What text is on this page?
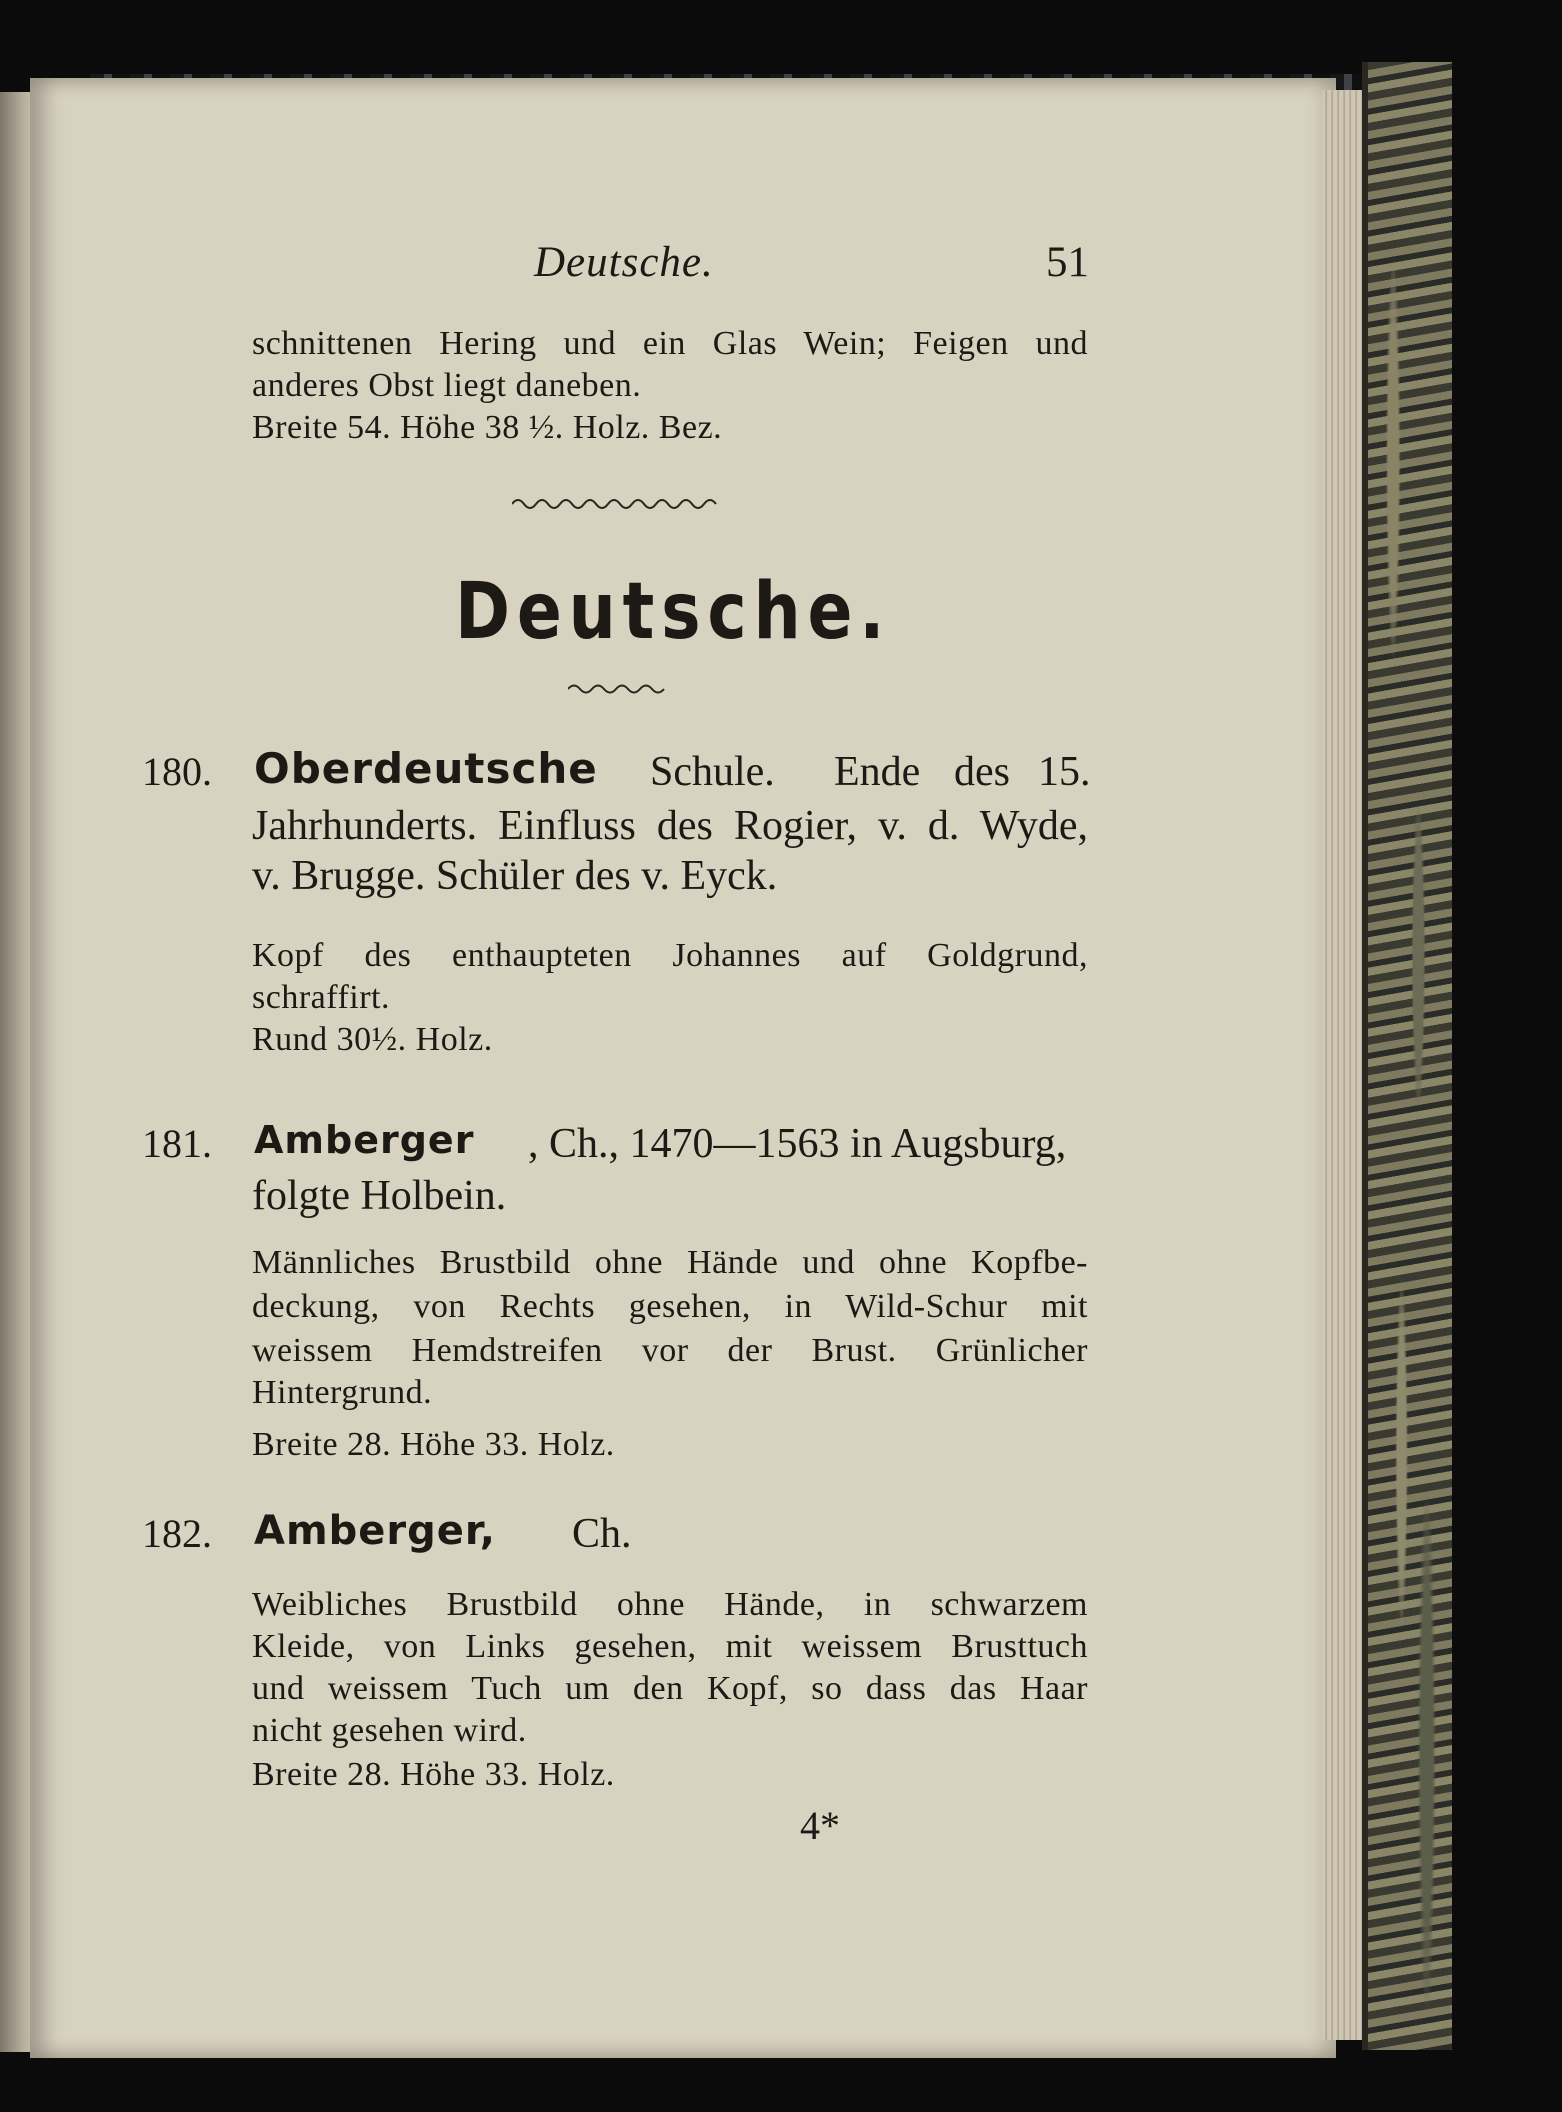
Deutsche.	51

schnittenen Hering und ein Glas Wein; Feigen und

anderes Obst liegt daneben.

Breite 54. Höhe 38 ½. Holz. Bez.

Deutsche.

180. Oberdeutsche Schule. Ende des 15.

Jahrhunderts. Einfluss des Rogier, v. d. Wyde,

v. Brugge. Schüler des v. Eyck.

Kopf des enthaupteten Johannes auf Goldgrund,

schraffirt.

Rund 30½. Holz.

181. Amberger , Ch., 1470—1563 in Augsburg,

folgte Holbein.

Männliches Brustbild ohne Hände und ohne Kopfbe-

deckung, von Rechts gesehen, in Wild-Schur mit

weissem Hemdstreifen vor der Brust. Grünlicher

Hintergrund.

Breite 28. Höhe 33. Holz.

182. Amberger, Ch.

Weibliches Brustbild ohne Hände, in schwarzem

Kleide, von Links gesehen, mit weissem Brusttuch

und weissem Tuch um den Kopf, so dass das Haar

nicht gesehen wird.

Breite 28. Höhe 33. Holz.

4*
